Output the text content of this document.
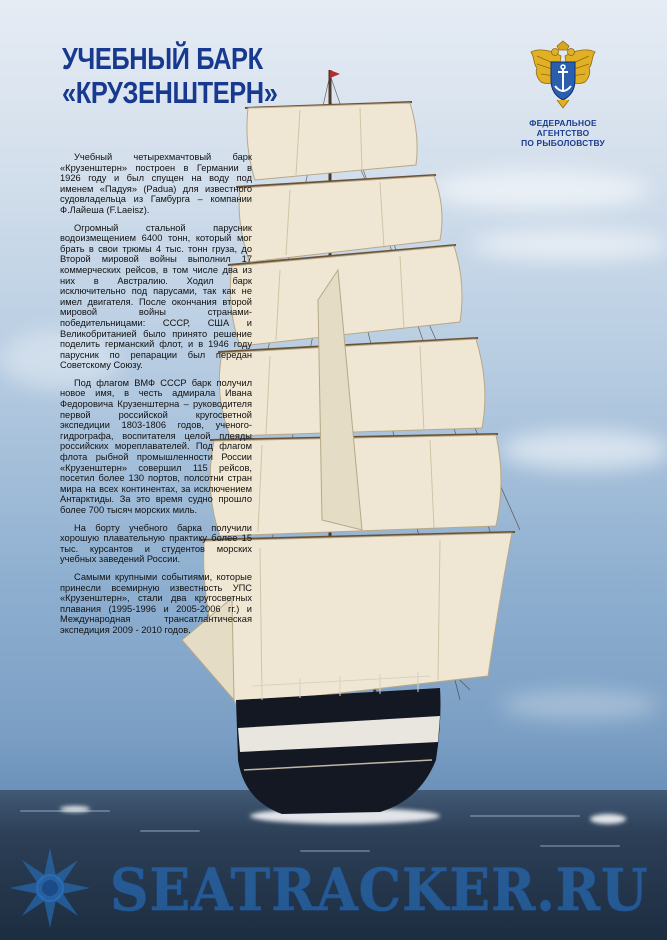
УЧЕБНЫЙ БАРК
«КРУЗЕНШТЕРН»
ФЕДЕРАЛЬНОЕ АГЕНТСТВО
ПО РЫБОЛОВСТВУ

Учебный четырехмачтовый барк «Крузенштерн» построен в Германии в 1926 году и был спущен на воду под именем «Падуя» (Padua) для известного судовладельца из Гамбурга – компании Ф.Лайеша (F.Laeisz).

Огромный стальной парусник водоизмещением 6400 тонн, который мог брать в свои трюмы 4 тыс. тонн груза, до Второй мировой войны выполнил 17 коммерческих рейсов, в том числе два из них в Австралию. Ходил барк исключительно под парусами, так как не имел двигателя. После окончания второй мировой войны странами- победительницами: СССР, США и Великобританией было принято решение поделить германский флот, и в 1946 году парусник по репарации был передан Советскому Союзу.

Под флагом ВМФ СССР барк получил новое имя, в честь адмирала Ивана Федоровича Крузенштерна – руководителя первой российской кругосветной экспедиции 1803-1806 годов, ученого-гидрографа, воспитателя целой плеяды российских мореплавателей. Под флагом флота рыбной промышленности России «Крузенштерн» совершил 115 рейсов, посетил более 130 портов, полсотни стран мира на всех континентах, за исключением Антарктиды. За это время судно прошло более 700 тысяч морских миль.

На борту учебного барка получили хорошую плавательную практику более 15 тыс. курсантов и студентов морских учебных заведений России.

Самыми крупными событиями, которые принесли всемирную известность УПС «Крузенштерн», стали два кругосветных плавания (1995-1996 и 2005-2006 гг.) и Международная трансатлантическая экспедиция 2009 - 2010 годов.

SEATRACKER.RU
